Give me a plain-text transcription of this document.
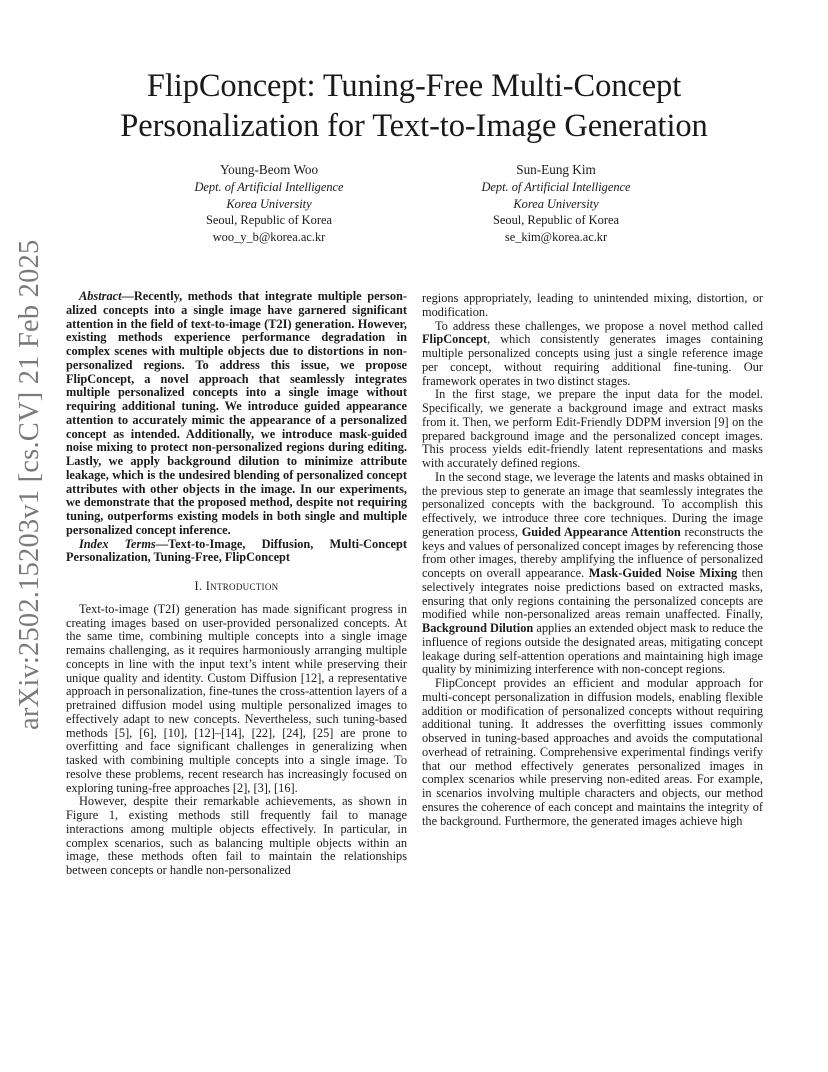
FlipConcept: Tuning-Free Multi-Concept
Personalization for Text-to-Image Generation
Young-Beom Woo
Dept. of Artificial Intelligence
Korea University
Seoul, Republic of Korea
woo_y_b@korea.ac.kr
Sun-Eung Kim
Dept. of Artificial Intelligence
Korea University
Seoul, Republic of Korea
se_kim@korea.ac.kr
arXiv:2502.15203v1 [cs.CV] 21 Feb 2025	Abstract—Recently, methods that integrate multiple personalized concepts into a single image have garnered significant attention in the field of text-to-image (T2I) generation. However, existing methods experience performance degradation in complex scenes with multiple objects due to distortions in non-personalized regions. To address this issue, we propose FlipConcept, a novel approach that seamlessly integrates multiple personalized concepts into a single image without requiring additional tuning. We introduce guided appearance attention to accurately mimic the appearance of a personalized concept as intended. Additionally, we introduce mask-guided noise mixing to protect non-personalized regions during editing. Lastly, we apply background dilution to minimize attribute leakage, which is the undesired blending of personalized concept attributes with other objects in the image. In our experiments, we demonstrate that the proposed method, despite not requiring tuning, outperforms existing models in both single and multiple personalized concept inference.

Index Terms—Text-to-Image, Diffusion, Multi-Concept Personalization, Tuning-Free, FlipConcept

I. Introduction

Text-to-image (T2I) generation has made significant progress in creating images based on user-provided personalized concepts. At the same time, combining multiple concepts into a single image remains challenging, as it requires harmoniously arranging multiple concepts in line with the input text’s intent while preserving their unique quality and identity. Custom Diffusion [12], a representative approach in personalization, fine-tunes the cross-attention layers of a pretrained diffusion model using multiple personalized images to effectively adapt to new concepts. Nevertheless, such tuning-based methods [5], [6], [10], [12]–[14], [22], [24], [25] are prone to overfitting and face significant challenges in generalizing when tasked with combining multiple concepts into a single image. To resolve these problems, recent research has increasingly focused on exploring tuning-free approaches [2], [3], [16].

However, despite their remarkable achievements, as shown in Figure 1, existing methods still frequently fail to manage interactions among multiple objects effectively. In particular, in complex scenarios, such as balancing multiple objects within an image, these methods often fail to maintain the relationships between concepts or handle non-personalized

regions appropriately, leading to unintended mixing, distortion, or modification.

To address these challenges, we propose a novel method called FlipConcept, which consistently generates images containing multiple personalized concepts using just a single reference image per concept, without requiring additional fine-tuning. Our framework operates in two distinct stages.

In the first stage, we prepare the input data for the model. Specifically, we generate a background image and extract masks from it. Then, we perform Edit-Friendly DDPM inversion [9] on the prepared background image and the personalized concept images. This process yields edit-friendly latent representations and masks with accurately defined regions.

In the second stage, we leverage the latents and masks obtained in the previous step to generate an image that seamlessly integrates the personalized concepts with the background. To accomplish this effectively, we introduce three core techniques. During the image generation process, Guided Appearance Attention reconstructs the keys and values of personalized concept images by referencing those from other images, thereby amplifying the influence of personalized concepts on overall appearance. Mask-Guided Noise Mixing then selectively integrates noise predictions based on extracted masks, ensuring that only regions containing the personalized concepts are modified while non-personalized areas remain unaffected. Finally, Background Dilution applies an extended object mask to reduce the influence of regions outside the designated areas, mitigating concept leakage during self-attention operations and maintaining high image quality by minimizing interference with non-concept regions.

FlipConcept provides an efficient and modular approach for multi-concept personalization in diffusion models, enabling flexible addition or modification of personalized concepts without requiring additional tuning. It addresses the overfitting issues commonly observed in tuning-based approaches and avoids the computational overhead of retraining. Comprehensive experimental findings verify that our method effectively generates personalized images in complex scenarios while preserving non-edited areas. For example, in scenarios involving multiple characters and objects, our method ensures the coherence of each concept and maintains the integrity of the background. Furthermore, the generated images achieve high
